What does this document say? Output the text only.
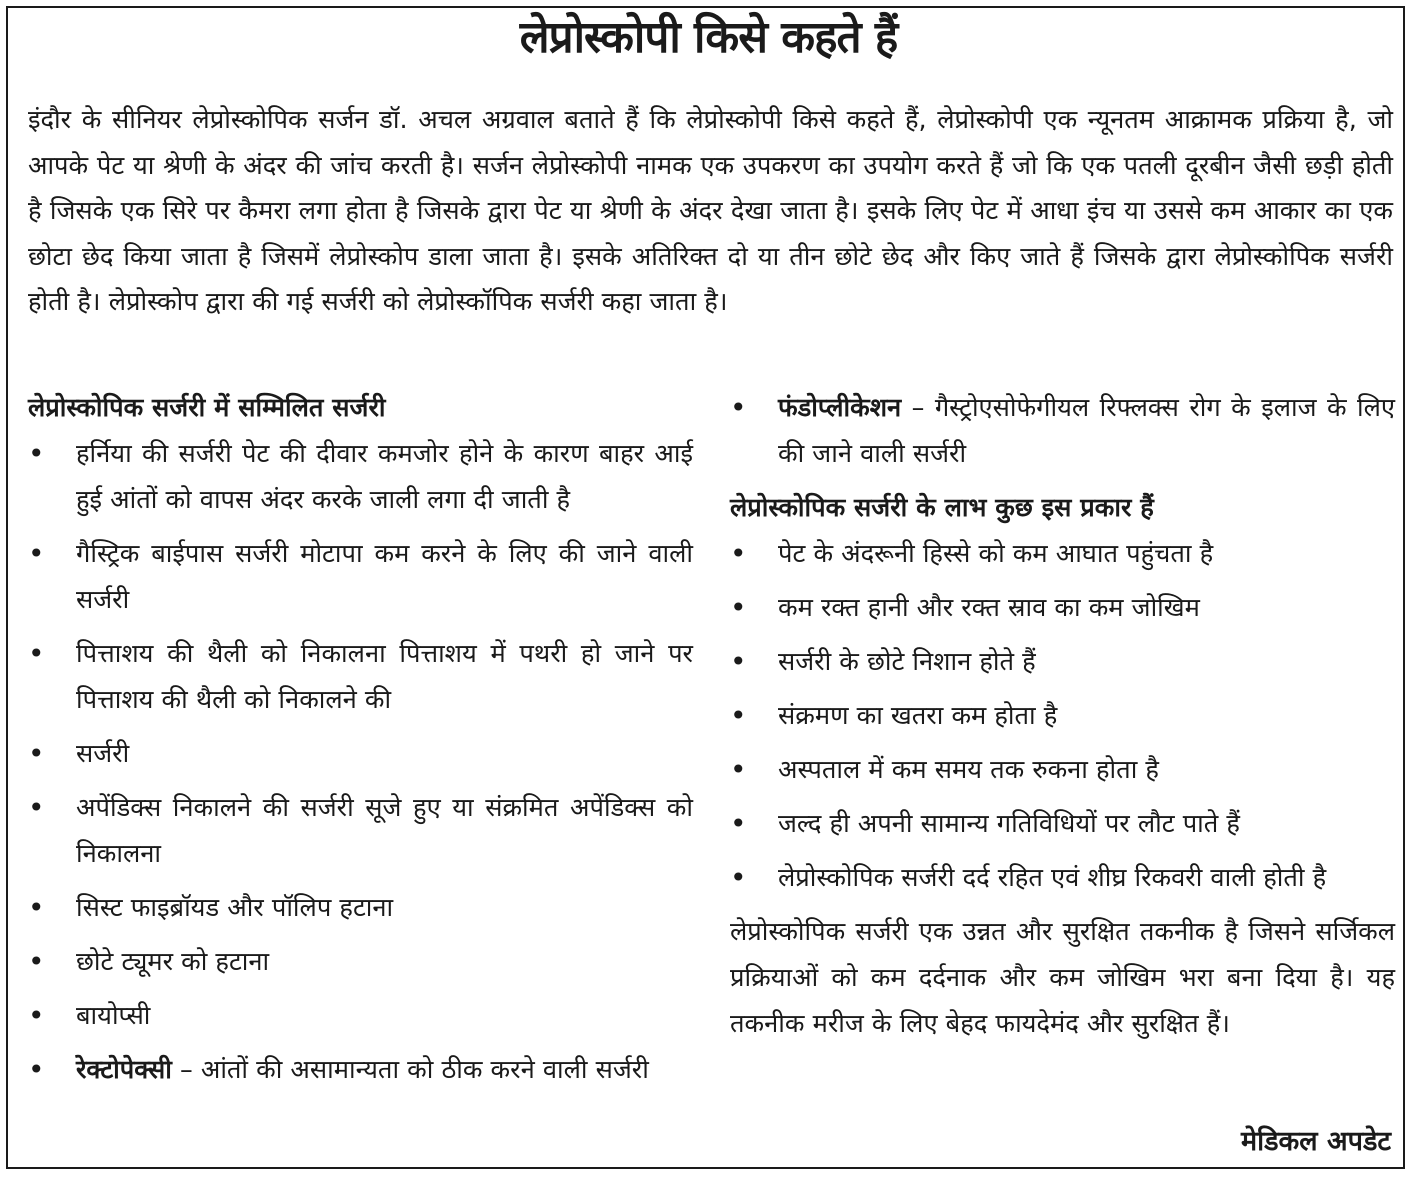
लेप्रोस्कोपी किसे कहते हैं

इंदौर के सीनियर लेप्रोस्कोपिक सर्जन डॉ. अचल अग्रवाल बताते हैं कि लेप्रोस्कोपी किसे कहते हैं, लेप्रोस्कोपी एक न्यूनतम आक्रामक प्रक्रिया है, जो आपके पेट या श्रेणी के अंदर की जांच करती है। सर्जन लेप्रोस्कोपी नामक एक उपकरण का उपयोग करते हैं जो कि एक पतली दूरबीन जैसी छड़ी होती है जिसके एक सिरे पर कैमरा लगा होता है जिसके द्वारा पेट या श्रेणी के अंदर देखा जाता है। इसके लिए पेट में आधा इंच या उससे कम आकार का एक छोटा छेद किया जाता है जिसमें लेप्रोस्कोप डाला जाता है। इसके अतिरिक्त दो या तीन छोटे छेद और किए जाते हैं जिसके द्वारा लेप्रोस्कोपिक सर्जरी होती है। लेप्रोस्कोप द्वारा की गई सर्जरी को लेप्रोस्कॉपिक सर्जरी कहा जाता है।

लेप्रोस्कोपिक सर्जरी में सम्मिलित सर्जरी

• हर्निया की सर्जरी पेट की दीवार कमजोर होने के कारण बाहर आई हुई आंतों को वापस अंदर करके जाली लगा दी जाती है
• गैस्ट्रिक बाईपास सर्जरी मोटापा कम करने के लिए की जाने वाली सर्जरी
• पित्ताशय की थैली को निकालना पित्ताशय में पथरी हो जाने पर पित्ताशय की थैली को निकालने की
• सर्जरी
• अपेंडिक्स निकालने की सर्जरी सूजे हुए या संक्रमित अपेंडिक्स को निकालना
• सिस्ट फाइब्रॉयड और पॉलिप हटाना
• छोटे ट्यूमर को हटाना
• बायोप्सी
• रेक्टोपेक्सी – आंतों की असामान्यता को ठीक करने वाली सर्जरी
• फंडोप्लीकेशन – गैस्ट्रोएसोफेगीयल रिफ्लक्स रोग के इलाज के लिए की जाने वाली सर्जरी

लेप्रोस्कोपिक सर्जरी के लाभ कुछ इस प्रकार हैं

• पेट के अंदरूनी हिस्से को कम आघात पहुंचता है
• कम रक्त हानी और रक्त स्राव का कम जोखिम
• सर्जरी के छोटे निशान होते हैं
• संक्रमण का खतरा कम होता है
• अस्पताल में कम समय तक रुकना होता है
• जल्द ही अपनी सामान्य गतिविधियों पर लौट पाते हैं
• लेप्रोस्कोपिक सर्जरी दर्द रहित एवं शीघ्र रिकवरी वाली होती है

लेप्रोस्कोपिक सर्जरी एक उन्नत और सुरक्षित तकनीक है जिसने सर्जिकल प्रक्रियाओं को कम दर्दनाक और कम जोखिम भरा बना दिया है। यह तकनीक मरीज के लिए बेहद फायदेमंद और सुरक्षित हैं।

मेडिकल अपडेट
